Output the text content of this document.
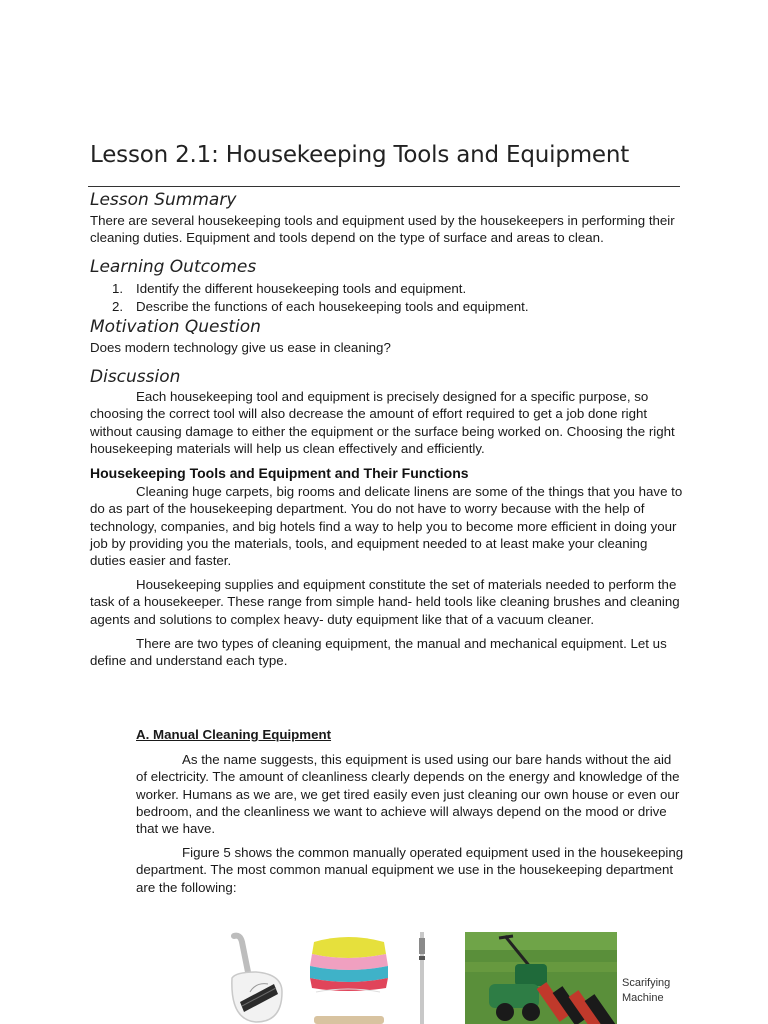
Lesson 2.1: Housekeeping Tools and Equipment
Lesson Summary

There are several housekeeping tools and equipment used by the housekeepers in performing their cleaning duties. Equipment and tools depend on the type of surface and areas to clean.

Learning Outcomes
1. Identify the different housekeeping tools and equipment.
2. Describe the functions of each housekeeping tools and equipment.
Motivation Question

Does modern technology give us ease in cleaning?

Discussion

Each housekeeping tool and equipment is precisely designed for a specific purpose, so choosing the correct tool will also decrease the amount of effort required to get a job done right without causing damage to either the equipment or the surface being worked on. Choosing the right housekeeping materials will help us clean effectively and efficiently.

Housekeeping Tools and Equipment and Their Functions

Cleaning huge carpets, big rooms and delicate linens are some of the things that you have to do as part of the housekeeping department. You do not have to worry because with the help of technology, companies, and big hotels find a way to help you to become more efficient in doing your job by providing you the materials, tools, and equipment needed to at least make your cleaning duties easier and faster.

Housekeeping supplies and equipment constitute the set of materials needed to perform the task of a housekeeper. These range from simple hand- held tools like cleaning brushes and cleaning agents and solutions to complex heavy- duty equipment like that of a vacuum cleaner.

There are two types of cleaning equipment, the manual and mechanical equipment. Let us define and understand each type.

A. Manual Cleaning Equipment

As the name suggests, this equipment is used using our bare hands without the aid of electricity. The amount of cleanliness clearly depends on the energy and knowledge of the worker. Humans as we are, we get tired easily even just cleaning our own house or even our bedroom, and the cleanliness we want to achieve will always depend on the mood or drive that we have.

Figure 5 shows the common manually operated equipment used in the housekeeping department. The most common manual equipment we use in the housekeeping department are the following:

Scarifying
Machine
